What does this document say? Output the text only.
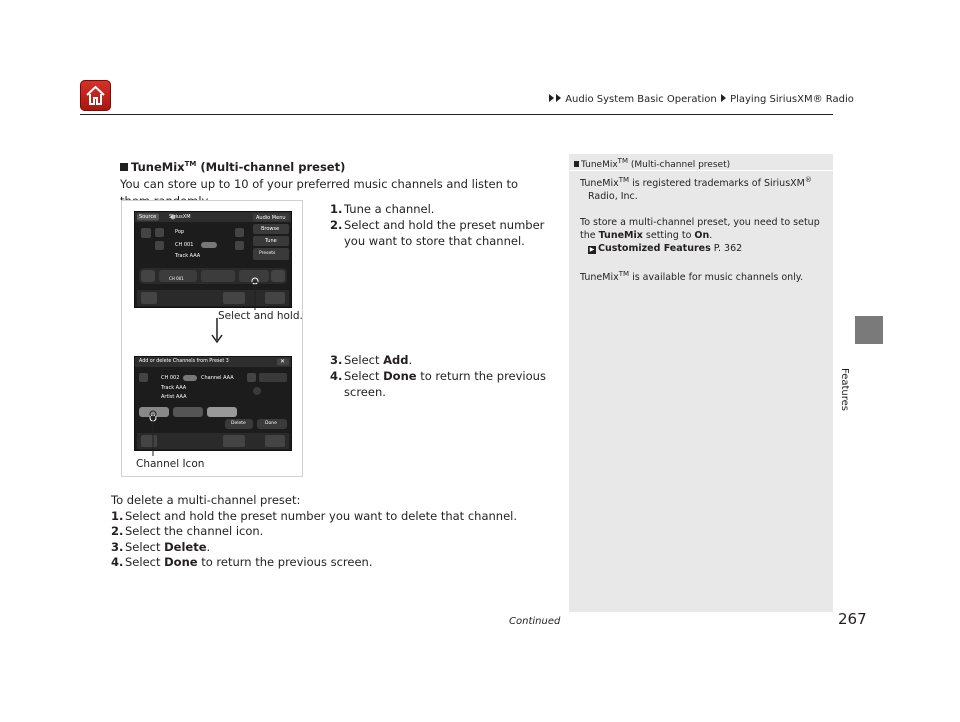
Audio System Basic Operation Playing SiriusXM® Radio
Features
TuneMix™ (Multi-channel preset)
You can store up to 10 of your preferred music channels and listen to
1. Tune a channel.
2. Select and hold the preset number you want to store that channel.
3. Select Add.
4. Select Done to return the previous screen.
Source	SiriusXM	Audio Menu
Browse
Tune
Presets
Pop
CH 001
Track AAA
CH 001
Select and hold.
Add or delete Channels from Preset 3	✕
CH 002	Channel AAA
Track AAA
Artist AAA
Delete	Done
Channel Icon
To delete a multi-channel preset:
1. Select and hold the preset number you want to delete that channel.
2. Select the channel icon.
3. Select Delete.
4. Select Done to return the previous screen.
TuneMix™ (Multi-channel preset)

TuneMix™ is registered trademarks of SiriusXM®
Radio, Inc.

To store a multi-channel preset, you need to setup the TuneMix setting to On.
▶ Customized Features P. 362

TuneMix™ is available for music channels only.

Continued	267
